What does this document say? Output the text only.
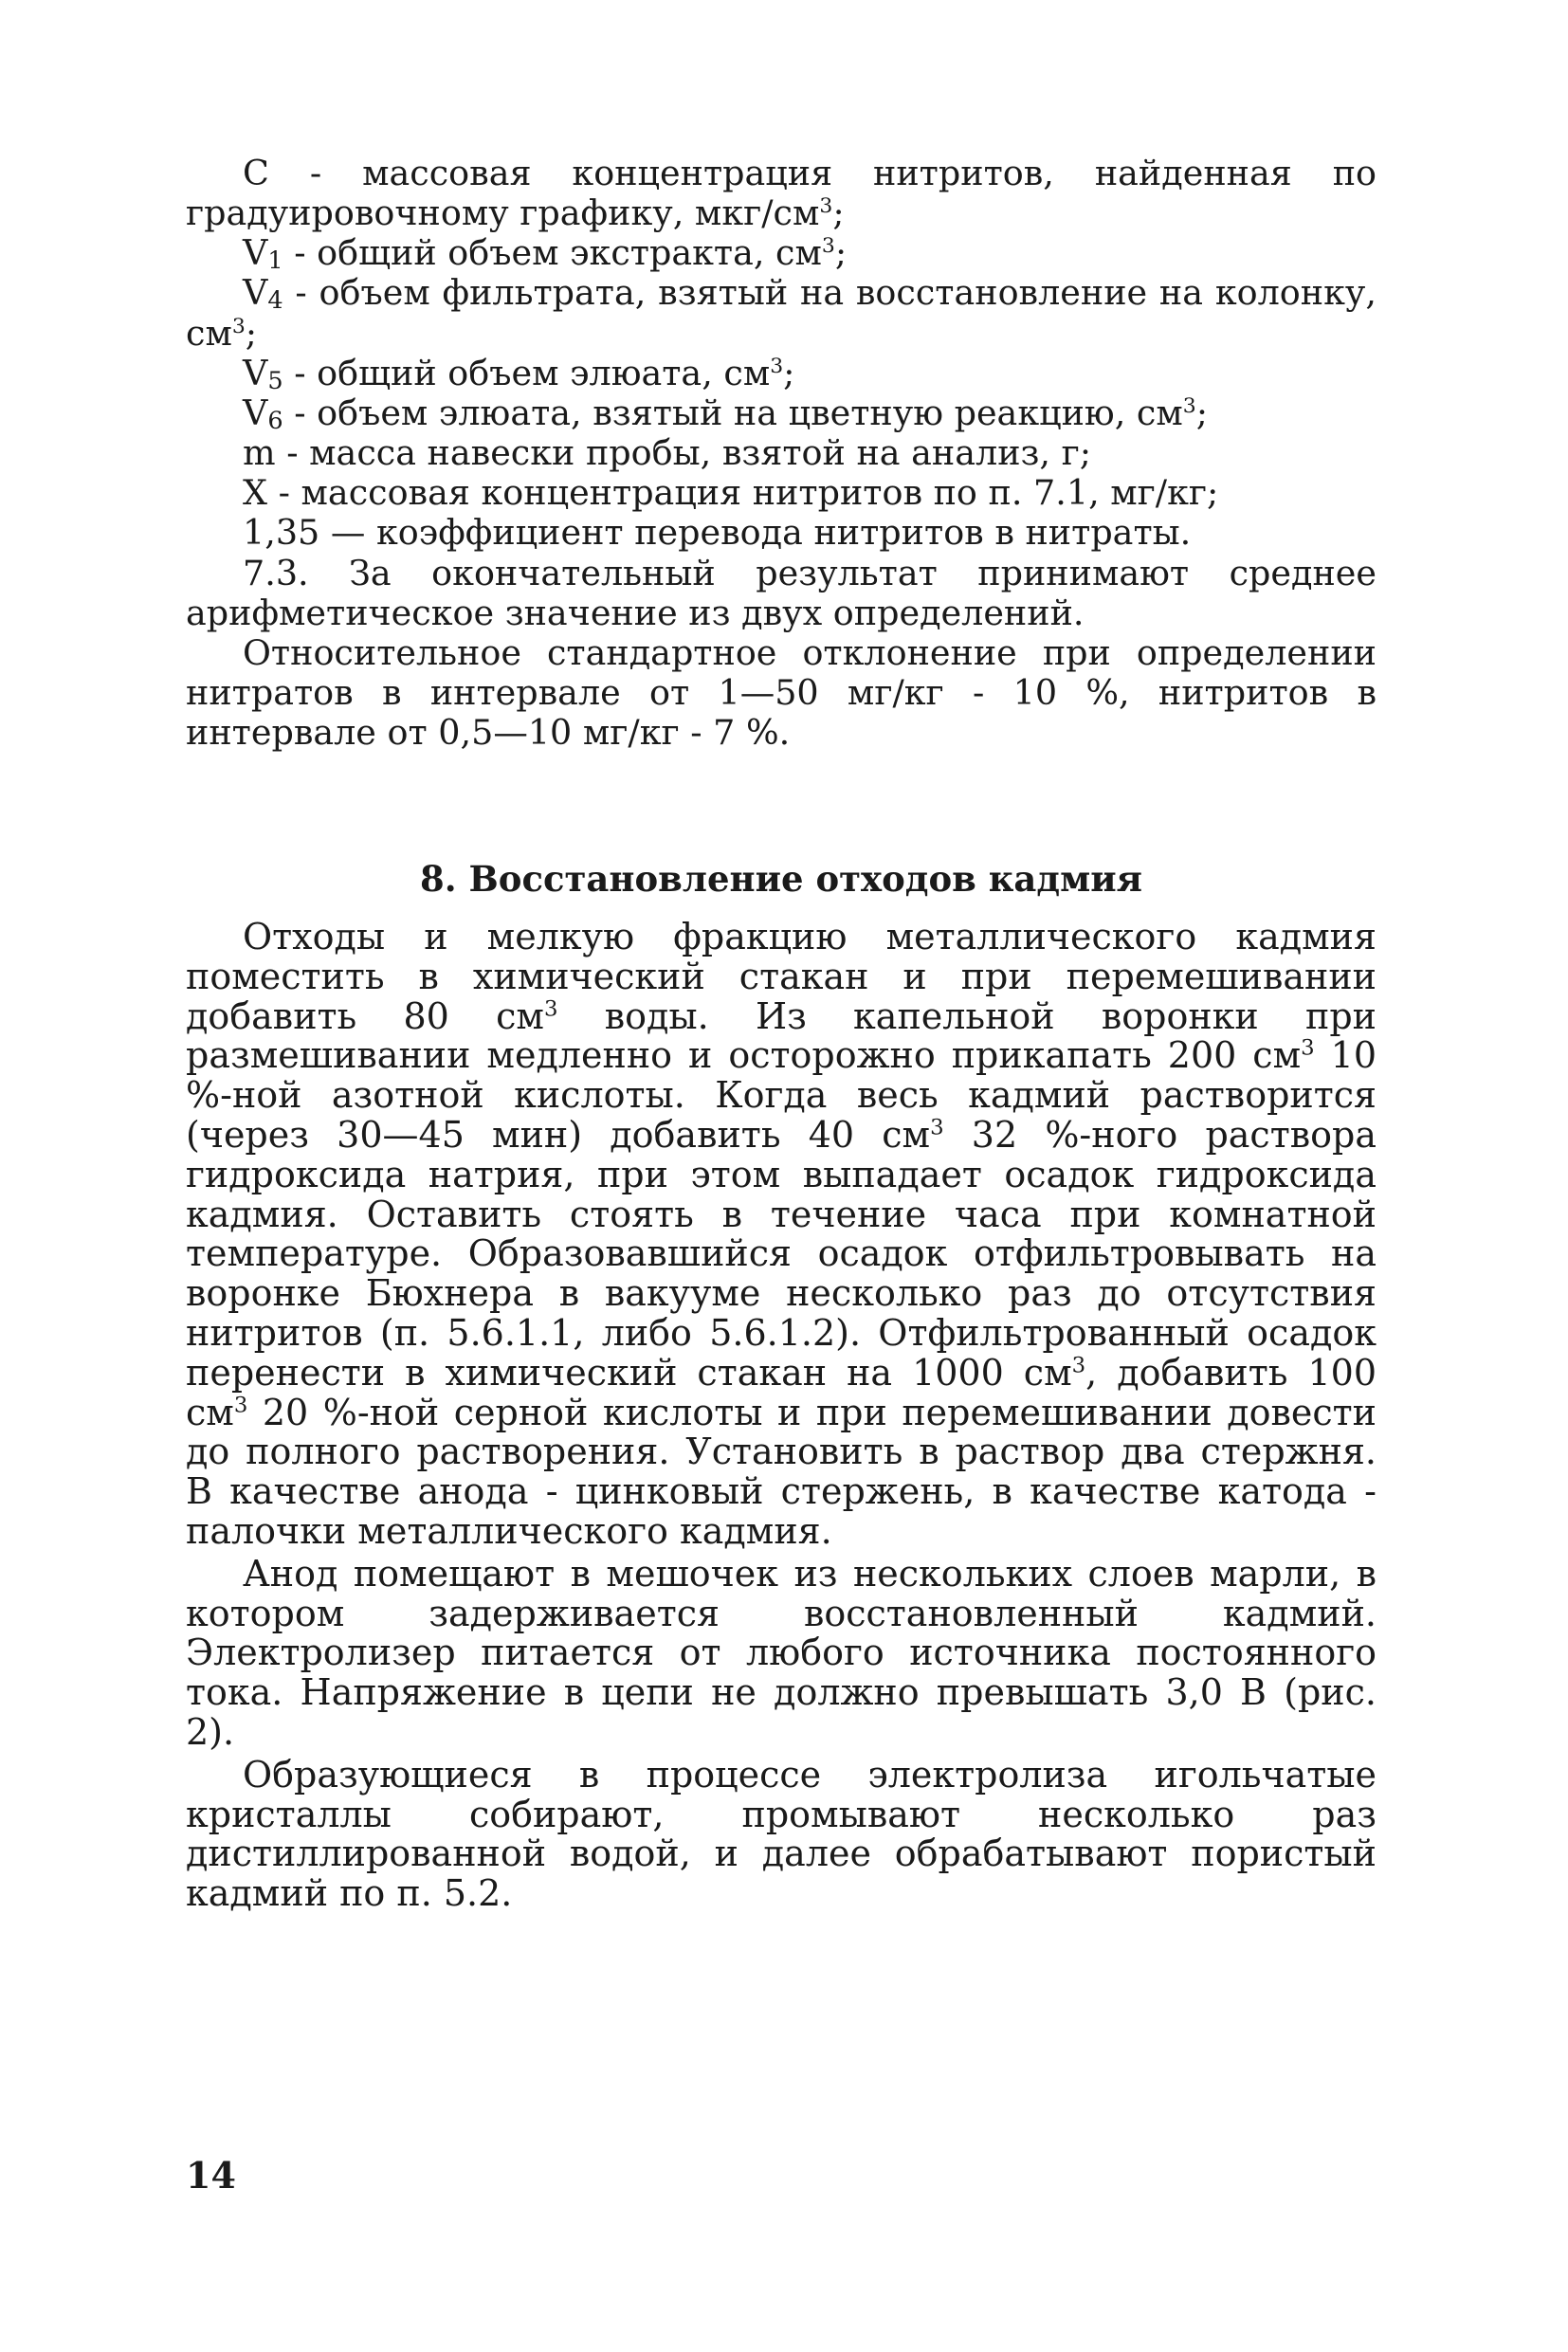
C - массовая концентрация нитритов, найденная по градуировочному графику, мкг/$см^3$;

$V_1$ - общий объем экстракта, $см^3$;

$V_4$ - объем фильтрата, взятый на восстановление на колонку, $см^3$;

$V_5$ - общий объем элюата, $см^3$;

$V_6$ - объем элюата, взятый на цветную реакцию, $см^3$;

m - масса навески пробы, взятой на анализ, г;

X - массовая концентрация нитритов по п. 7.1, мг/кг;

1,35 — коэффициент перевода нитритов в нитраты.

7.3. За окончательный результат принимают среднее арифметическое значение из двух определений.

Относительное стандартное отклонение при определении нитратов в интервале от 1—50 мг/кг - 10 %, нитритов в интервале от 0,5—10 мг/кг - 7 %.

8. Восстановление отходов кадмия

Отходы и мелкую фракцию металлического кадмия поместить в химический стакан и при перемешивании добавить 80 $см^3$ воды. Из капельной воронки при размешивании медленно и осторожно прикапать 200 $см^3$ 10 %-ной азотной кислоты. Когда весь кадмий растворится (через 30—45 мин) добавить 40 $см^3$ 32 %-ного раствора гидроксида натрия, при этом выпадает осадок гидроксида кадмия. Оставить стоять в течение часа при комнатной температуре. Образовавшийся осадок отфильтровывать на воронке Бюхнера в вакууме несколько раз до отсутствия нитритов (п. 5.6.1.1, либо 5.6.1.2). Отфильтрованный осадок перенести в химический стакан на 1000 $см^3$, добавить 100 $см^3$ 20 %-ной серной кислоты и при перемешивании довести до полного растворения. Установить в раствор два стержня. В качестве анода - цинковый стержень, в качестве катода - палочки металлического кадмия.

Анод помещают в мешочек из нескольких слоев марли, в котором задерживается восстановленный кадмий. Электролизер питается от любого источника постоянного тока. Напряжение в цепи не должно превышать 3,0 В (рис. 2).

Образующиеся в процессе электролиза игольчатые кристаллы собирают, промывают несколько раз дистиллированной водой, и далее обрабатывают пористый кадмий по п. 5.2.

14
